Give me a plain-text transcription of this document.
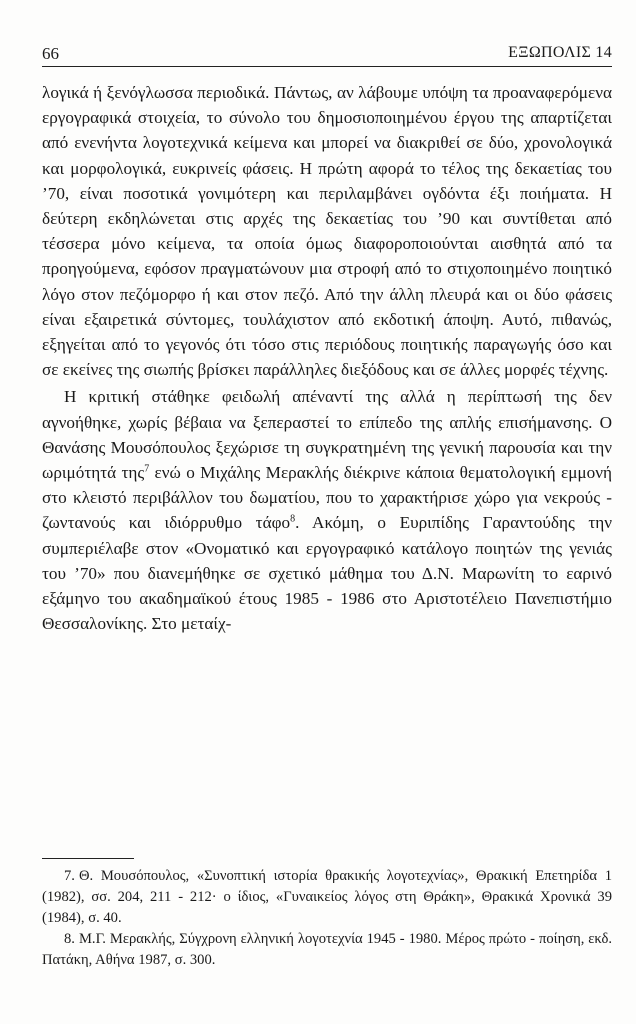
66	ΕΞΩΠΟΛΙΣ 14

λογικά ή ξενόγλωσσα περιοδικά. Πάντως, αν λάβουμε υπόψη τα προαναφερόμενα εργογραφικά στοιχεία, το σύνολο του δημοσιοποιημένου έργου της απαρτίζεται από ενενήντα λογοτεχνικά κείμενα και μπορεί να διακριθεί σε δύο, χρονολογικά και μορφολογικά, ευκρινείς φάσεις. Η πρώτη αφορά το τέλος της δεκαετίας του ’70, είναι ποσοτικά γονιμότερη και περιλαμβάνει ογδόντα έξι ποιήματα. Η δεύτερη εκδηλώνεται στις αρχές της δεκαετίας του ’90 και συντίθεται από τέσσερα μόνο κείμενα, τα οποία όμως διαφοροποιούνται αισθητά από τα προηγούμενα, εφόσον πραγματώνουν μια στροφή από το στιχοποιημένο ποιητικό λόγο στον πεζόμορφο ή και στον πεζό. Από την άλλη πλευρά και οι δύο φάσεις είναι εξαιρετικά σύντομες, τουλάχιστον από εκδοτική άποψη. Αυτό, πιθανώς, εξηγείται από το γεγονός ότι τόσο στις περιόδους ποιητικής παραγωγής όσο και σε εκείνες της σιωπής βρίσκει παράλληλες διεξόδους και σε άλλες μορφές τέχνης.

Η κριτική στάθηκε φειδωλή απέναντί της αλλά η περίπτωσή της δεν αγνοήθηκε, χωρίς βέβαια να ξεπεραστεί το επίπεδο της απλής επισήμανσης. Ο Θανάσης Μουσόπουλος ξεχώρισε τη συγκρατημένη της γενική παρουσία και την ωριμότητά της$^7$ ενώ ο Μιχάλης Μερακλής διέκρινε κάποια θεματολογική εμμονή στο κλειστό περιβάλλον του δωματίου, που το χαρακτήρισε χώρο για νεκρούς - ζωντανούς και ιδιόρρυθμο τάφο$^8$. Ακόμη, ο Ευριπίδης Γαραντούδης την συμπεριέλαβε στον «Ονοματικό και εργογραφικό κατάλογο ποιητών της γενιάς του ’70» που διανεμήθηκε σε σχετικό μάθημα του Δ.Ν. Μαρωνίτη το εαρινό εξάμηνο του ακαδημαϊκού έτους 1985 - 1986 στο Αριστοτέλειο Πανεπιστήμιο Θεσσαλονίκης. Στο μεταίχ-

7. Θ. Μουσόπουλος, «Συνοπτική ιστορία θρακικής λογοτεχνίας», Θρακική Επετηρίδα 1 (1982), σσ. 204, 211 - 212· ο ίδιος, «Γυναικείος λόγος στη Θράκη», Θρακικά Χρονικά 39 (1984), σ. 40.

8. Μ.Γ. Μερακλής, Σύγχρονη ελληνική λογοτεχνία 1945 - 1980. Μέρος πρώτο - ποίηση, εκδ. Πατάκη, Αθήνα 1987, σ. 300.
